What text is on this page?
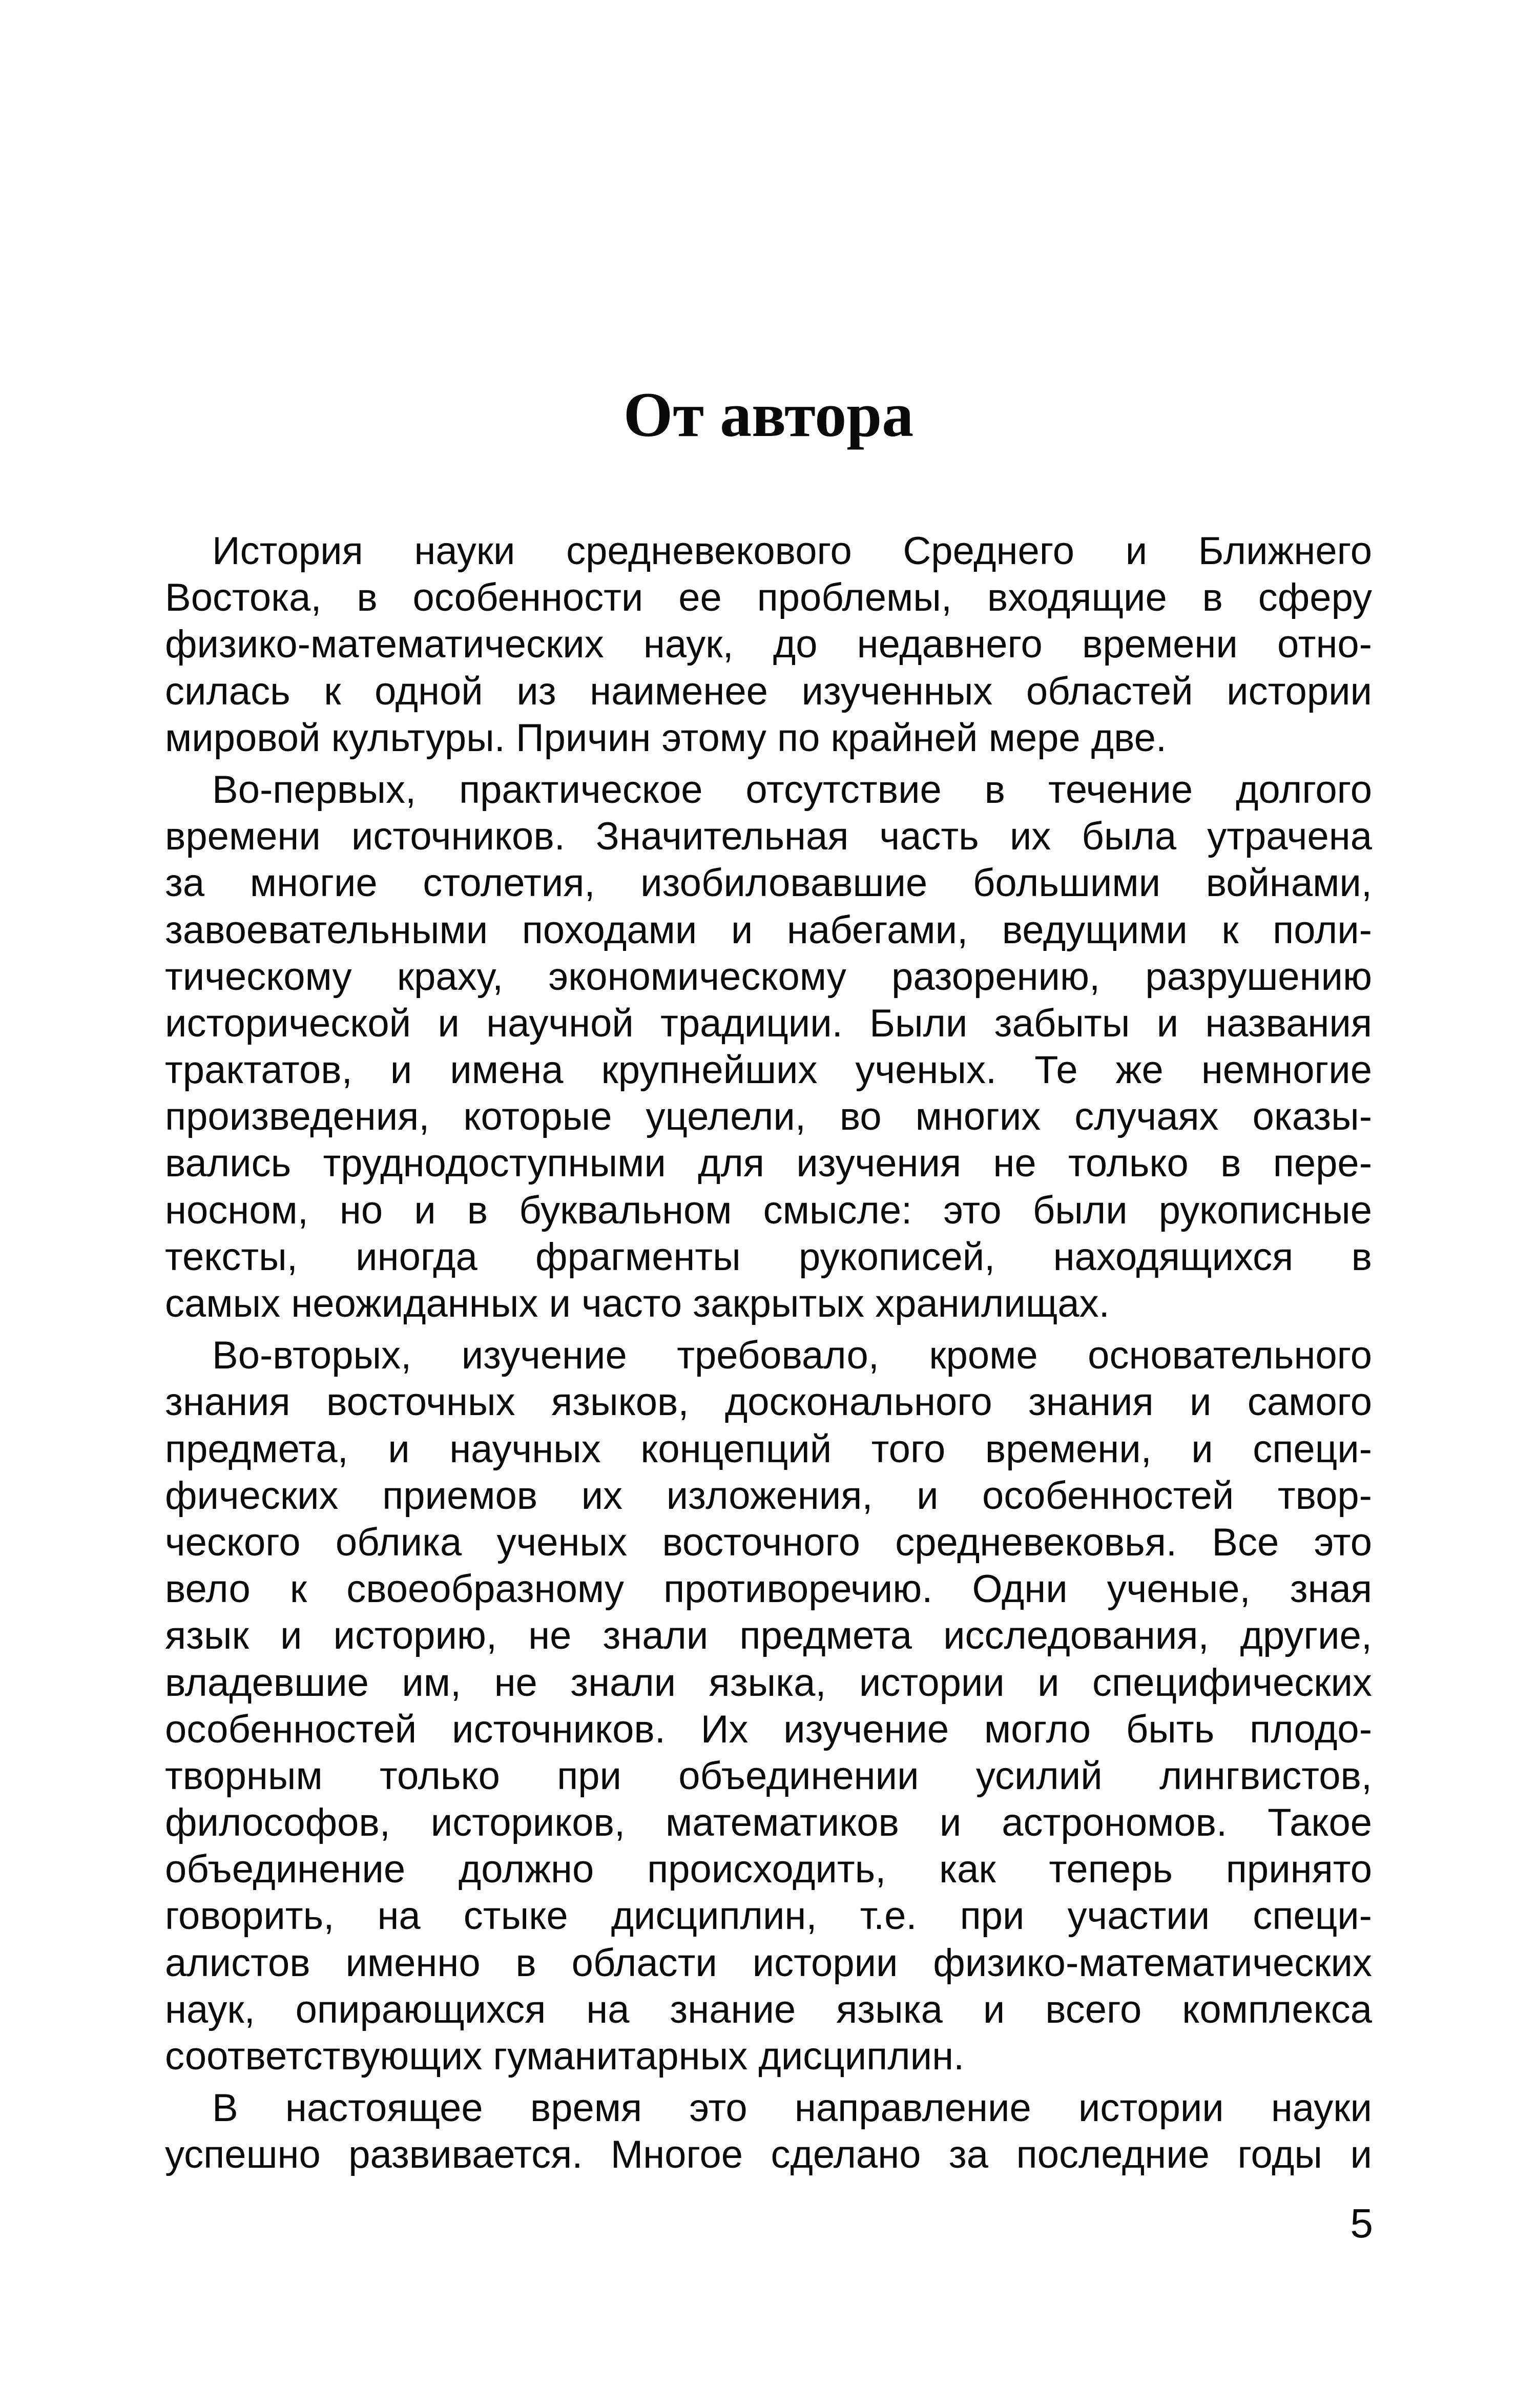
От автора
История науки средневекового Среднего и Ближнего
Востока, в особенности ее проблемы, входящие в сферу
физико-математических наук, до недавнего времени отно-
силась к одной из наименее изученных областей истории
мировой культуры. Причин этому по крайней мере две.
Во-первых, практическое отсутствие в течение долгого
времени источников. Значительная часть их была утрачена
за многие столетия, изобиловавшие большими войнами,
завоевательными походами и набегами, ведущими к поли-
тическому краху, экономическому разорению, разрушению
исторической и научной традиции. Были забыты и названия
трактатов, и имена крупнейших ученых. Те же немногие
произведения, которые уцелели, во многих случаях оказы-
вались труднодоступными для изучения не только в пере-
носном, но и в буквальном смысле: это были рукописные
тексты, иногда фрагменты рукописей, находящихся в
самых неожиданных и часто закрытых хранилищах.
Во-вторых, изучение требовало, кроме основательного
знания восточных языков, досконального знания и самого
предмета, и научных концепций того времени, и специ-
фических приемов их изложения, и особенностей твор-
ческого облика ученых восточного средневековья. Все это
вело к своеобразному противоречию. Одни ученые, зная
язык и историю, не знали предмета исследования, другие,
владевшие им, не знали языка, истории и специфических
особенностей источников. Их изучение могло быть плодо-
творным только при объединении усилий лингвистов,
философов, историков, математиков и астрономов. Такое
объединение должно происходить, как теперь принято
говорить, на стыке дисциплин, т.е. при участии специ-
алистов именно в области истории физико-математических
наук, опирающихся на знание языка и всего комплекса
соответствующих гуманитарных дисциплин.
В настоящее время это направление истории науки
успешно развивается. Многое сделано за последние годы и
5
